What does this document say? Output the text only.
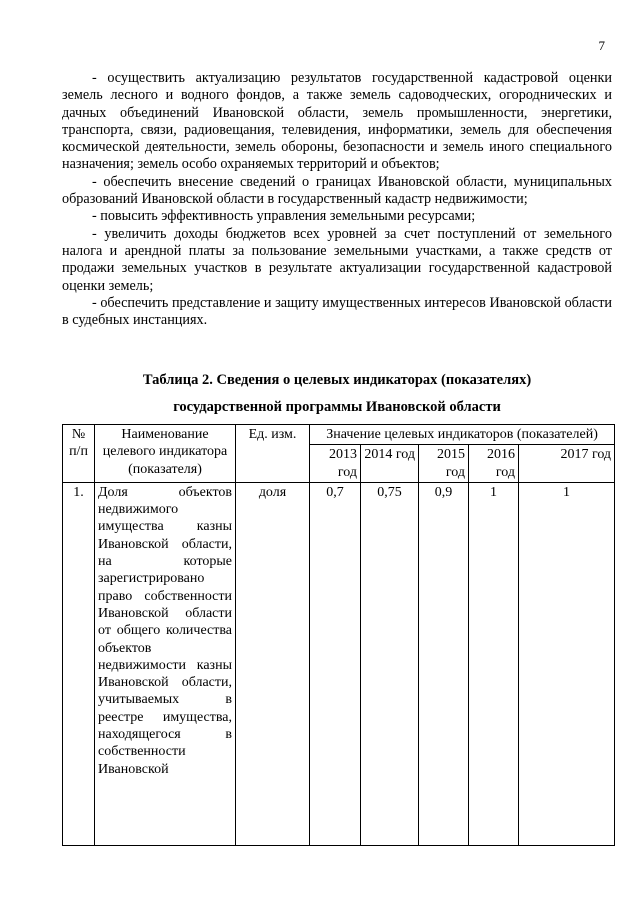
7

- осуществить актуализацию результатов государственной кадастровой оценки земель лесного и водного фондов, а также земель садоводческих, огороднических и дачных объединений Ивановской области, земель промышленности, энергетики, транспорта, связи, радиовещания, телевидения, информатики, земель для обеспечения космической деятельности, земель обороны, безопасности и земель иного специального назначения; земель особо охраняемых территорий и объектов;

- обеспечить внесение сведений о границах Ивановской области, муниципальных образований Ивановской области в государственный кадастр недвижимости;

- повысить эффективность управления земельными ресурсами;

- увеличить доходы бюджетов всех уровней за счет поступлений от земельного налога и арендной платы за пользование земельными участками, а также средств от продажи земельных участков в результате актуализации государственной кадастровой оценки земель;

- обеспечить представление и защиту имущественных интересов Ивановской области в судебных инстанциях.

Таблица 2. Сведения о целевых индикаторах (показателях)
государственной программы Ивановской области
№ п/п	Наименование целевого индикатора (показателя)	Ед. изм.	Значение целевых индикаторов (показателей)				
			2013 год	2014 год	2015 год	2016 год	2017 год
1.	Доля объектов недвижимого имущества казны Ивановской области, на которые зарегистрировано право собственности Ивановской области от общего количества объектов недвижимости казны Ивановской области, учитываемых в реестре имущества, находящегося в собственности Ивановской	доля	0,7	0,75	0,9	1	1
